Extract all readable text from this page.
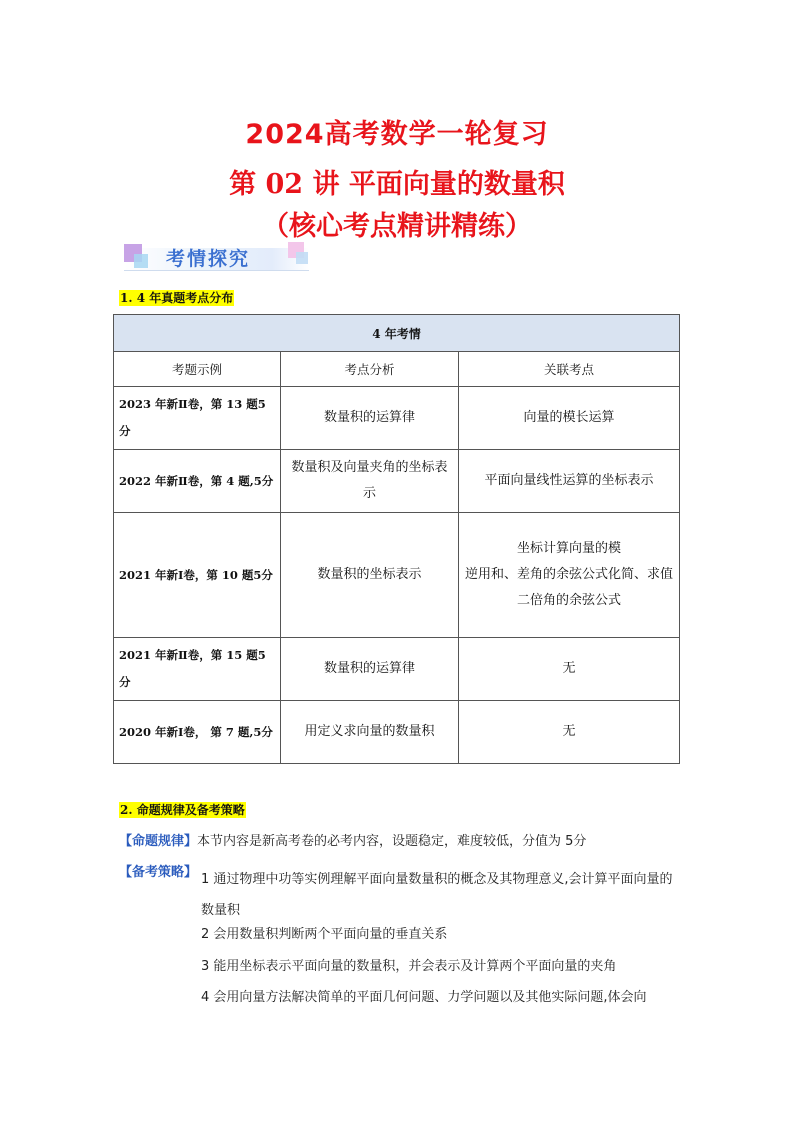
2024高考数学一轮复习
第 02 讲 平面向量的数量积
（核心考点精讲精练）
考情探究
1. 4 年真题考点分布
4 年考情		
考题示例	考点分析	关联考点
2023 年新Ⅱ卷，第 13 题5分	数量积的运算律	向量的模长运算

2022 年新Ⅱ卷，第 4 题,5分	数量积及向量夹角的坐标表示	平面向量线性运算的坐标表示

2021 年新Ⅰ卷，第 10 题5分	数量积的坐标表示	坐标计算向量的模
逆用和、差角的余弦公式化简、求值
二倍角的余弦公式

2021 年新Ⅱ卷，第 15 题5分	数量积的运算律	无

2020 年新Ⅰ卷， 第 7 题,5分	用定义求向量的数量积	无
2. 命题规律及备考策略
【命题规律】本节内容是新高考卷的必考内容，设题稳定，难度较低，分值为 5分
【备考策略】 1 通过物理中功等实例理解平面向量数量积的概念及其物理意义,会计算平面向量的数量积
2 会用数量积判断两个平面向量的垂直关系
3 能用坐标表示平面向量的数量积，并会表示及计算两个平面向量的夹角
4 会用向量方法解决简单的平面几何问题、力学问题以及其他实际问题,体会向
